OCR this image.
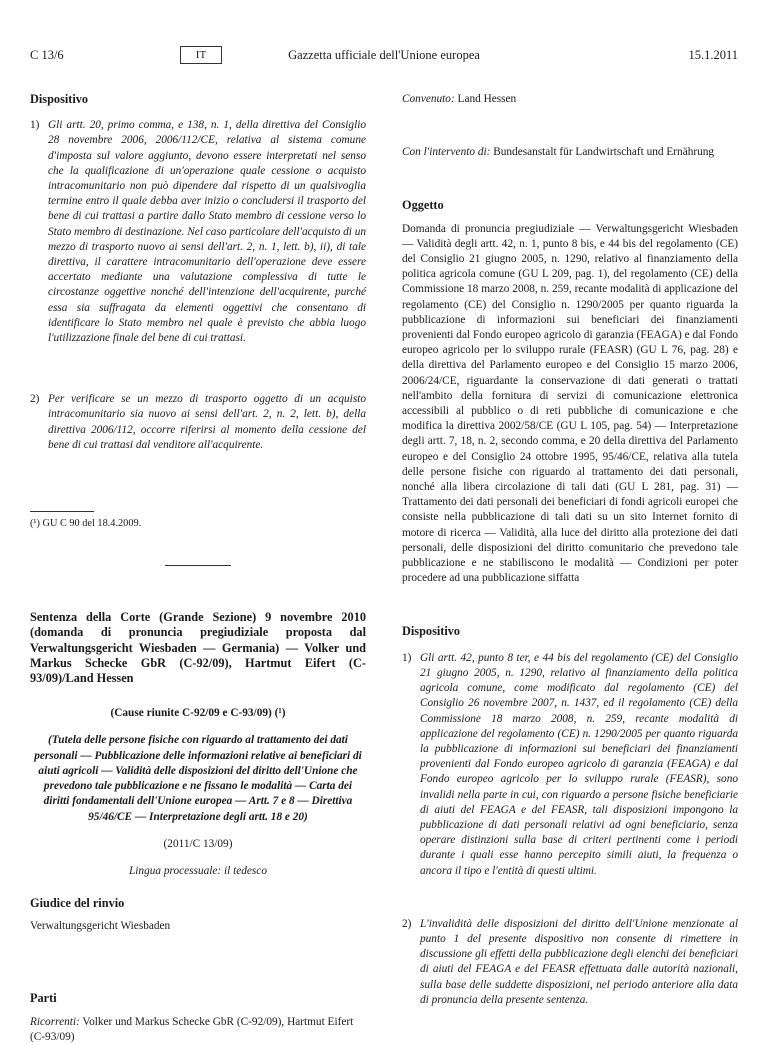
C 13/6	IT	Gazzetta ufficiale dell'Unione europea	15.1.2011

Dispositivo

1) Gli artt. 20, primo comma, e 138, n. 1, della direttiva del Consiglio 28 novembre 2006, 2006/112/CE, relativa al sistema comune d'imposta sul valore aggiunto, devono essere interpretati nel senso che la qualificazione di un'operazione quale cessione o acquisto intracomunitario non può dipendere dal rispetto di un qualsivoglia termine entro il quale debba aver inizio o concludersi il trasporto del bene di cui trattasi a partire dallo Stato membro di cessione verso lo Stato membro di destinazione. Nel caso particolare dell'acquisto di un mezzo di trasporto nuovo ai sensi dell'art. 2, n. 1, lett. b), ii), di tale direttiva, il carattere intracomunitario dell'operazione deve essere accertato mediante una valutazione complessiva di tutte le circostanze oggettive nonché dell'intenzione dell'acquirente, purché essa sia suffragata da elementi oggettivi che consentano di identificare lo Stato membro nel quale è previsto che abbia luogo l'utilizzazione finale del bene di cui trattasi.
2) Per verificare se un mezzo di trasporto oggetto di un acquisto intracomunitario sia nuovo ai sensi dell'art. 2, n. 2, lett. b), della direttiva 2006/112, occorre riferirsi al momento della cessione del bene di cui trattasi dal venditore all'acquirente.

(¹) GU C 90 del 18.4.2009.

Sentenza della Corte (Grande Sezione) 9 novembre 2010 (domanda di pronuncia pregiudiziale proposta dal Verwaltungsgericht Wiesbaden — Germania) — Volker und Markus Schecke GbR (C-92/09), Hartmut Eifert (C-93/09)/Land Hessen

(Cause riunite C-92/09 e C-93/09) (¹)

(Tutela delle persone fisiche con riguardo al trattamento dei dati personali — Pubblicazione delle informazioni relative ai beneficiari di aiuti agricoli — Validità delle disposizioni del diritto dell'Unione che prevedono tale pubblicazione e ne fissano le modalità — Carta dei diritti fondamentali dell'Unione europea — Artt. 7 e 8 — Direttiva 95/46/CE — Interpretazione degli artt. 18 e 20)

(2011/C 13/09)

Lingua processuale: il tedesco

Giudice del rinvio

Verwaltungsgericht Wiesbaden

Parti

Ricorrenti: Volker und Markus Schecke GbR (C-92/09), Hartmut Eifert (C-93/09)

Convenuto: Land Hessen

Con l'intervento di: Bundesanstalt für Landwirtschaft und Ernährung

Oggetto

Domanda di pronuncia pregiudiziale — Verwaltungsgericht Wiesbaden — Validità degli artt. 42, n. 1, punto 8 bis, e 44 bis del regolamento (CE) del Consiglio 21 giugno 2005, n. 1290, relativo al finanziamento della politica agricola comune (GU L 209, pag. 1), del regolamento (CE) della Commissione 18 marzo 2008, n. 259, recante modalità di applicazione del regolamento (CE) del Consiglio n. 1290/2005 per quanto riguarda la pubblicazione di informazioni sui beneficiari dei finanziamenti provenienti dal Fondo europeo agricolo di garanzia (FEAGA) e dal Fondo europeo agricolo per lo sviluppo rurale (FEASR) (GU L 76, pag. 28) e della direttiva del Parlamento europeo e del Consiglio 15 marzo 2006, 2006/24/CE, riguardante la conservazione di dati generati o trattati nell'ambito della fornitura di servizi di comunicazione elettronica accessibili al pubblico o di reti pubbliche di comunicazione e che modifica la direttiva 2002/58/CE (GU L 105, pag. 54) — Interpretazione degli artt. 7, 18, n. 2, secondo comma, e 20 della direttiva del Parlamento europeo e del Consiglio 24 ottobre 1995, 95/46/CE, relativa alla tutela delle persone fisiche con riguardo al trattamento dei dati personali, nonché alla libera circolazione di tali dati (GU L 281, pag. 31) — Trattamento dei dati personali dei beneficiari di fondi agricoli europei che consiste nella pubblicazione di tali dati su un sito Internet fornito di motore di ricerca — Validità, alla luce del diritto alla protezione dei dati personali, delle disposizioni del diritto comunitario che prevedono tale pubblicazione e ne stabiliscono le modalità — Condizioni per poter procedere ad una pubblicazione siffatta

Dispositivo

1) Gli artt. 42, punto 8 ter, e 44 bis del regolamento (CE) del Consiglio 21 giugno 2005, n. 1290, relativo al finanziamento della politica agricola comune, come modificato dal regolamento (CE) del Consiglio 26 novembre 2007, n. 1437, ed il regolamento (CE) della Commissione 18 marzo 2008, n. 259, recante modalità di applicazione del regolamento (CE) n. 1290/2005 per quanto riguarda la pubblicazione di informazioni sui beneficiari dei finanziamenti provenienti dal Fondo europeo agricolo di garanzia (FEAGA) e dal Fondo europeo agricolo per lo sviluppo rurale (FEASR), sono invalidi nella parte in cui, con riguardo a persone fisiche beneficiarie di aiuti del FEAGA e del FEASR, tali disposizioni impongono la pubblicazione di dati personali relativi ad ogni beneficiario, senza operare distinzioni sulla base di criteri pertinenti come i periodi durante i quali esse hanno percepito simili aiuti, la frequenza o ancora il tipo e l'entità di questi ultimi.
2) L'invalidità delle disposizioni del diritto dell'Unione menzionate al punto 1 del presente dispositivo non consente di rimettere in discussione gli effetti della pubblicazione degli elenchi dei beneficiari di aiuti del FEAGA e del FEASR effettuata dalle autorità nazionali, sulla base delle suddette disposizioni, nel periodo anteriore alla data di pronuncia della presente sentenza.
